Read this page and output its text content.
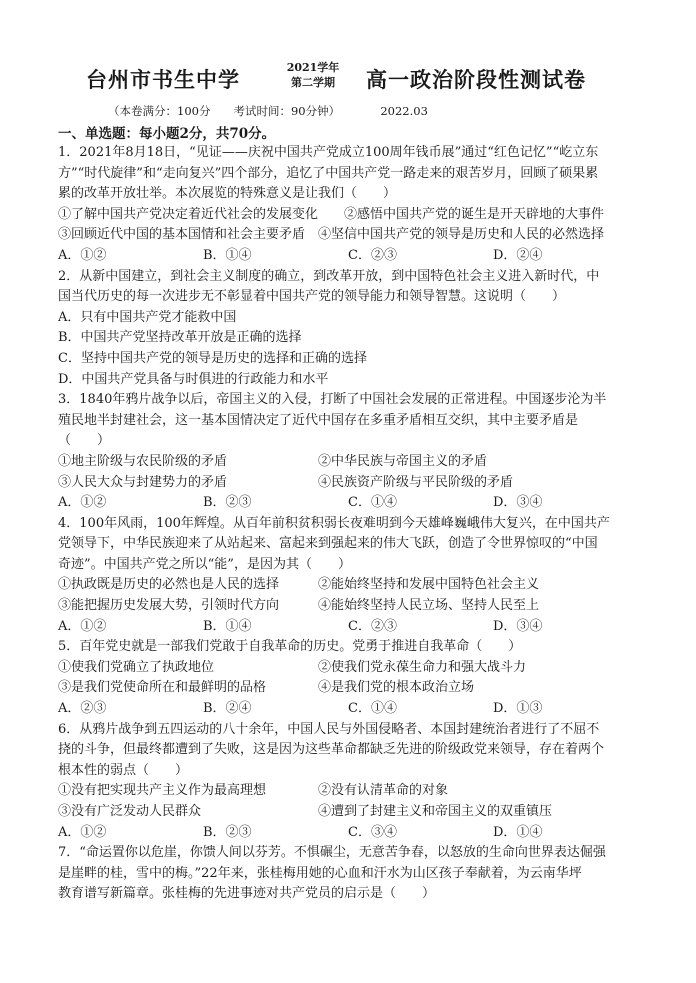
台州市书生中学	2021学年
第二学期	高一政治阶段性测试卷
（本卷满分：100分　　 考试时间：90分钟）　　　　	2022.03
一、单选题：每小题2分，共70分。
1．2021年8月18日，“见证——庆祝中国共产党成立100周年钱币展”通过“红色记忆”“屹立东
方”“时代旋律”和“走向复兴”四个部分，追忆了中国共产党一路走来的艰苦岁月，回顾了硕果累
累的改革开放壮举。本次展览的特殊意义是让我们（　　）
①了解中国共产党决定着近代社会的发展变化　　②感悟中国共产党的诞生是开天辟地的大事件
③回顾近代中国的基本国情和社会主要矛盾　④坚信中国共产党的领导是历史和人民的必然选择
A．①②	B．①④	C．②③	D．②④
2．从新中国建立，到社会主义制度的确立，到改革开放，到中国特色社会主义进入新时代，中
国当代历史的每一次进步无不彰显着中国共产党的领导能力和领导智慧。这说明（　　）
A．只有中国共产党才能救中国
B．中国共产党坚持改革开放是正确的选择
C．坚持中国共产党的领导是历史的选择和正确的选择
D．中国共产党具备与时俱进的行政能力和水平
3．1840年鸦片战争以后，帝国主义的入侵，打断了中国社会发展的正常进程。中国逐步沦为半
殖民地半封建社会，这一基本国情决定了近代中国存在多重矛盾相互交织，其中主要矛盾是
（　　）
①地主阶级与农民阶级的矛盾	②中华民族与帝国主义的矛盾
③人民大众与封建势力的矛盾	④民族资产阶级与平民阶级的矛盾
A．①②	B．②③	C．①④	D．③④
4．100年风雨，100年辉煌。从百年前积贫积弱长夜难明到今天雄峰巍峨伟大复兴，在中国共产
党领导下，中华民族迎来了从站起来、富起来到强起来的伟大飞跃，创造了令世界惊叹的“中国
奇迹”。中国共产党之所以“能”，是因为其（　　）
①执政既是历史的必然也是人民的选择	②能始终坚持和发展中国特色社会主义
③能把握历史发展大势，引领时代方向	④能始终坚持人民立场、坚持人民至上
A．①②	B．①④	C．②③	D．③④
5．百年党史就是一部我们党敢于自我革命的历史。党勇于推进自我革命（　　）
①使我们党确立了执政地位	②使我们党永葆生命力和强大战斗力
③是我们党使命所在和最鲜明的品格	④是我们党的根本政治立场
A．②③	B．②④	C．①④	D．①③
6．从鸦片战争到五四运动的八十余年，中国人民与外国侵略者、本国封建统治者进行了不屈不
挠的斗争，但最终都遭到了失败，这是因为这些革命都缺乏先进的阶级政党来领导，存在着两个
根本性的弱点（　　）
①没有把实现共产主义作为最高理想	②没有认清革命的对象
③没有广泛发动人民群众	④遭到了封建主义和帝国主义的双重镇压
A．①②	B．②③	C．③④	D．①④
7．“命运置你以危崖，你馈人间以芬芳。不惧碾尘，无意苦争春，以怒放的生命向世界表达倔强
是崖畔的桂，雪中的梅。”22年来，张桂梅用她的心血和汗水为山区孩子奉献着，为云南华坪
教育谱写新篇章。张桂梅的先进事迹对共产党员的启示是（　　）
